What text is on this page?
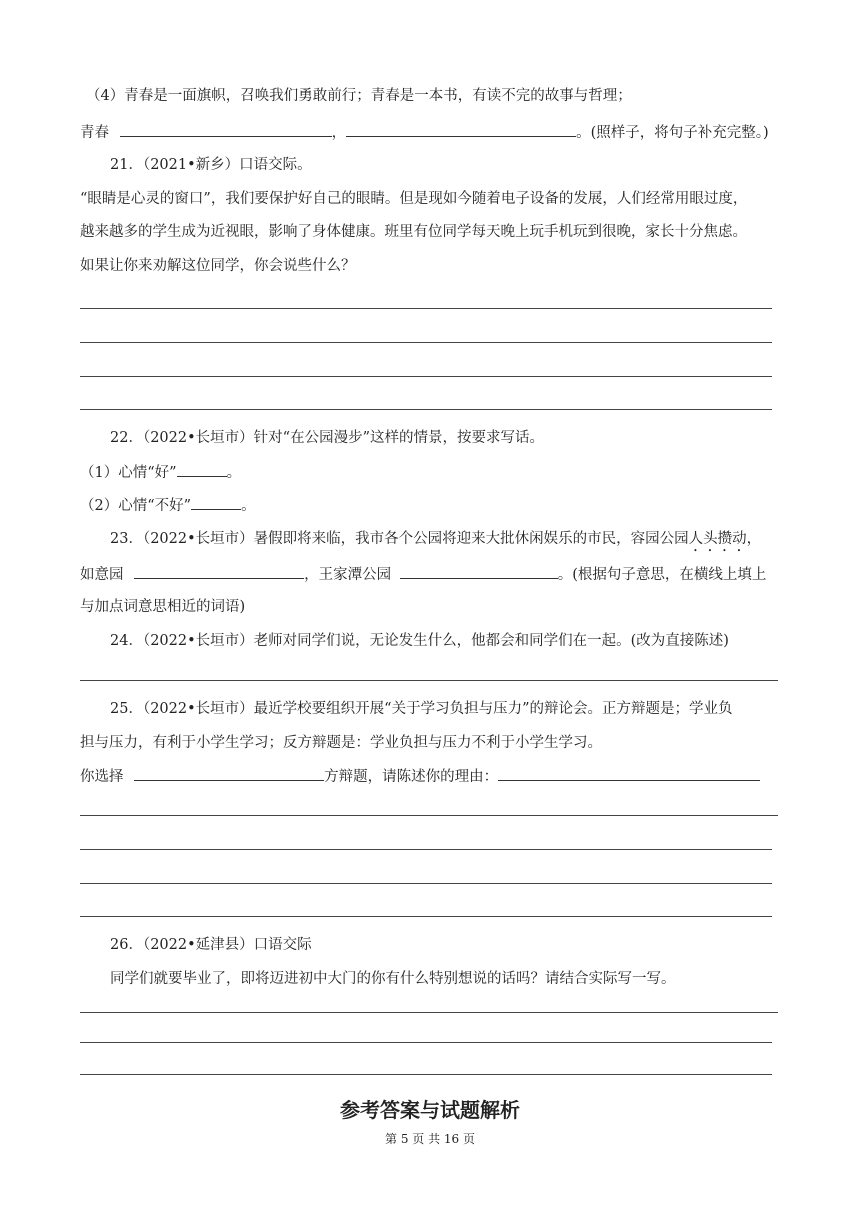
（4）青春是一面旗帜，召唤我们勇敢前行；青春是一本书，有读不完的故事与哲理；
青春	，	。(照样子，将句子补充完整。)
21．（2021•新乡）口语交际。
“眼睛是心灵的窗口”，我们要保护好自己的眼睛。但是现如今随着电子设备的发展，人们经常用眼过度，
越来越多的学生成为近视眼，影响了身体健康。班里有位同学每天晚上玩手机玩到很晚，家长十分焦虑。
如果让你来劝解这位同学，你会说些什么？
22．（2022•长垣市）针对“在公园漫步”这样的情景，按要求写话。
（1）心情“好”	。
（2）心情“不好”	。
23．（2022•长垣市）暑假即将来临，我市各个公园将迎来大批休闲娱乐的市民，容园公园人头攒动，
如意园	，王家潭公园	。(根据句子意思，在横线上填上
与加点词意思相近的词语)
24．（2022•长垣市）老师对同学们说，无论发生什么，他都会和同学们在一起。(改为直接陈述)
25．（2022•长垣市）最近学校要组织开展“关于学习负担与压力”的辩论会。正方辩题是；学业负
担与压力，有利于小学生学习；反方辩题是：学业负担与压力不利于小学生学习。
你选择	方辩题，请陈述你的理由：
26．（2022•延津县）口语交际
同学们就要毕业了，即将迈进初中大门的你有什么特别想说的话吗？请结合实际写一写。
参考答案与试题解析
第 5 页 共 16 页
